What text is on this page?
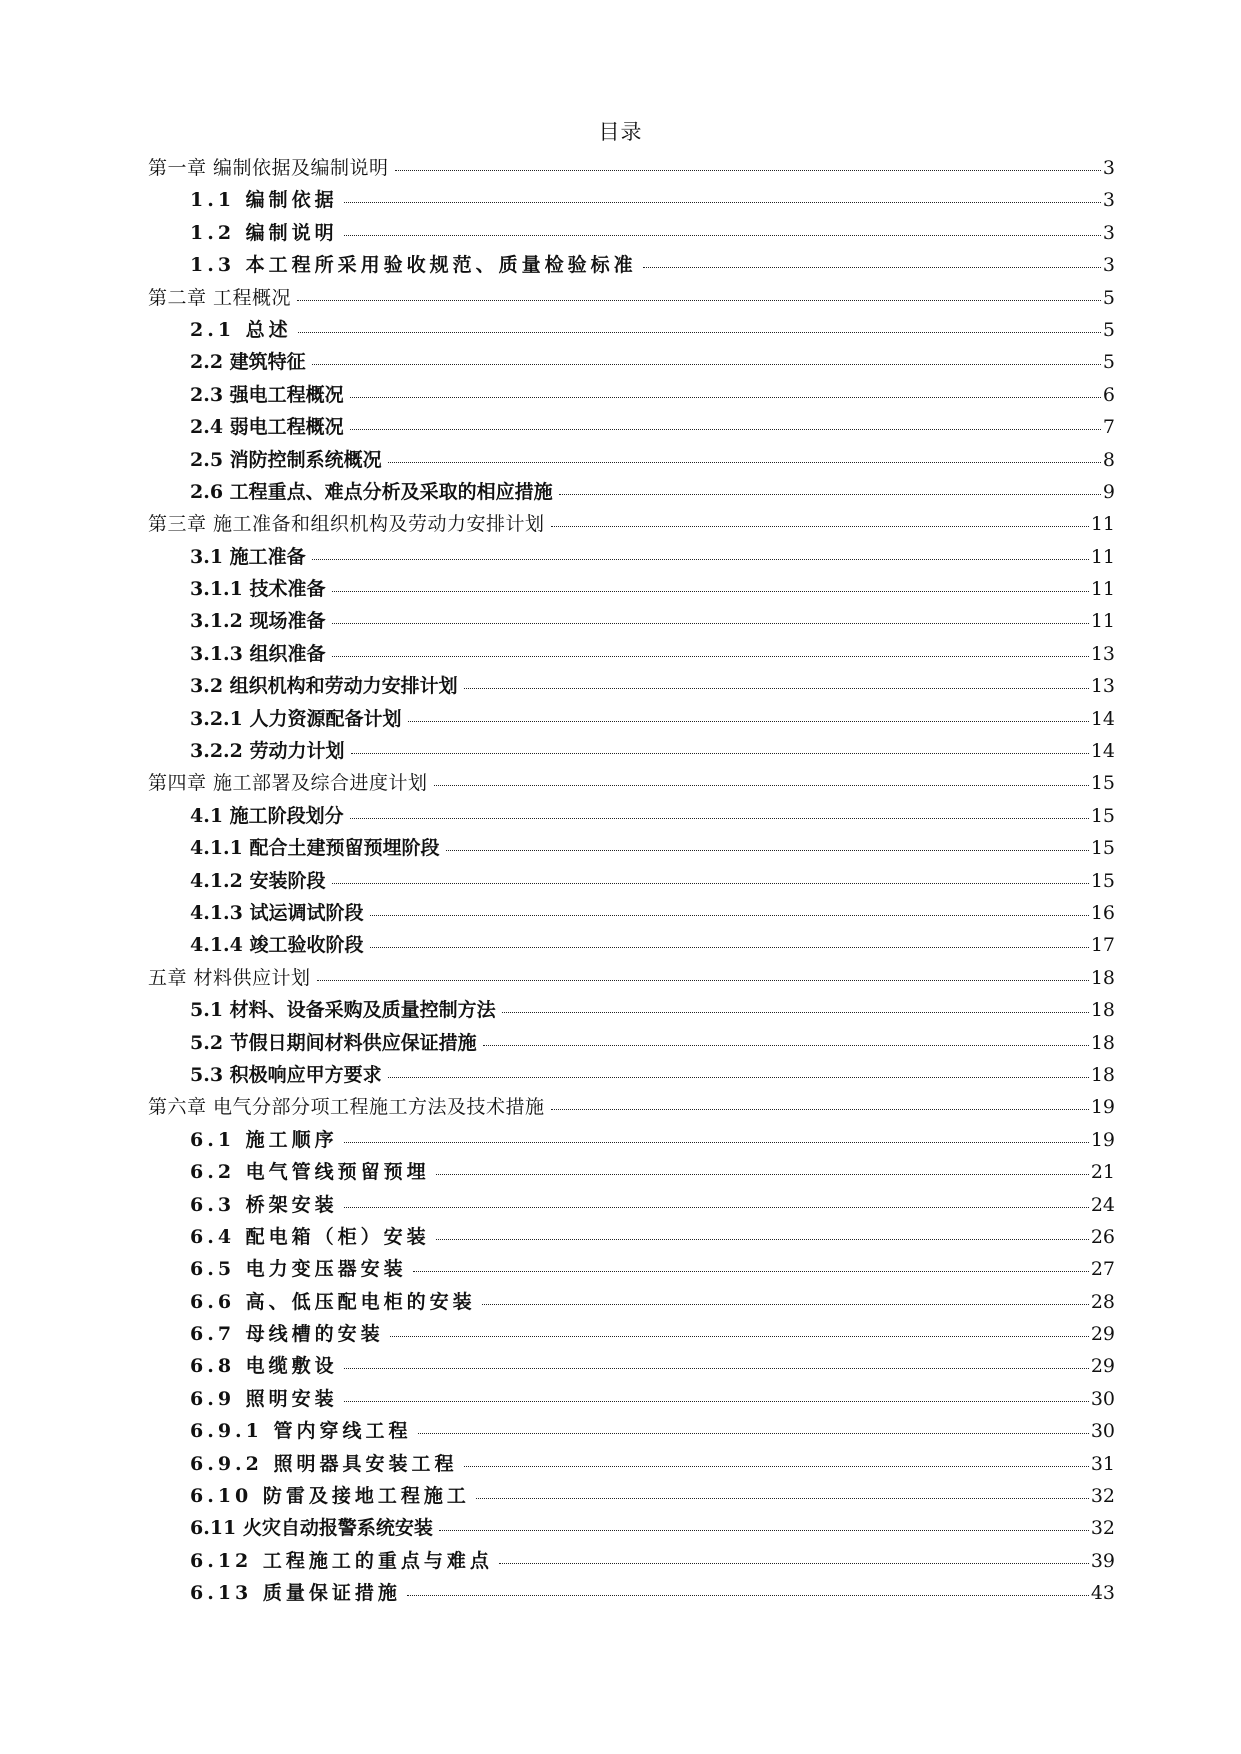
目录
第一章 编制依据及编制说明	3
1.1 编制依据	3
1.2 编制说明	3
1.3 本工程所采用验收规范、质量检验标准	3
第二章 工程概况	5
2.1 总述	5
2.2 建筑特征	5
2.3 强电工程概况	6
2.4 弱电工程概况	7
2.5 消防控制系统概况	8
2.6 工程重点、难点分析及采取的相应措施	9
第三章 施工准备和组织机构及劳动力安排计划	11
3.1 施工准备	11
3.1.1 技术准备	11
3.1.2 现场准备	11
3.1.3 组织准备	13
3.2 组织机构和劳动力安排计划	13
3.2.1 人力资源配备计划	14
3.2.2 劳动力计划	14
第四章 施工部署及综合进度计划	15
4.1 施工阶段划分	15
4.1.1 配合土建预留预埋阶段	15
4.1.2 安装阶段	15
4.1.3 试运调试阶段	16
4.1.4 竣工验收阶段	17
五章 材料供应计划	18
5.1 材料、设备采购及质量控制方法	18
5.2 节假日期间材料供应保证措施	18
5.3 积极响应甲方要求	18
第六章 电气分部分项工程施工方法及技术措施	19
6.1 施工顺序	19
6.2 电气管线预留预埋	21
6.3 桥架安装	24
6.4 配电箱（柜）安装	26
6.5 电力变压器安装	27
6.6 高、低压配电柜的安装	28
6.7 母线槽的安装	29
6.8 电缆敷设	29
6.9 照明安装	30
6.9.1 管内穿线工程	30
6.9.2 照明器具安装工程	31
6.10 防雷及接地工程施工	32
6.11 火灾自动报警系统安装	32
6.12 工程施工的重点与难点	39
6.13 质量保证措施	43
